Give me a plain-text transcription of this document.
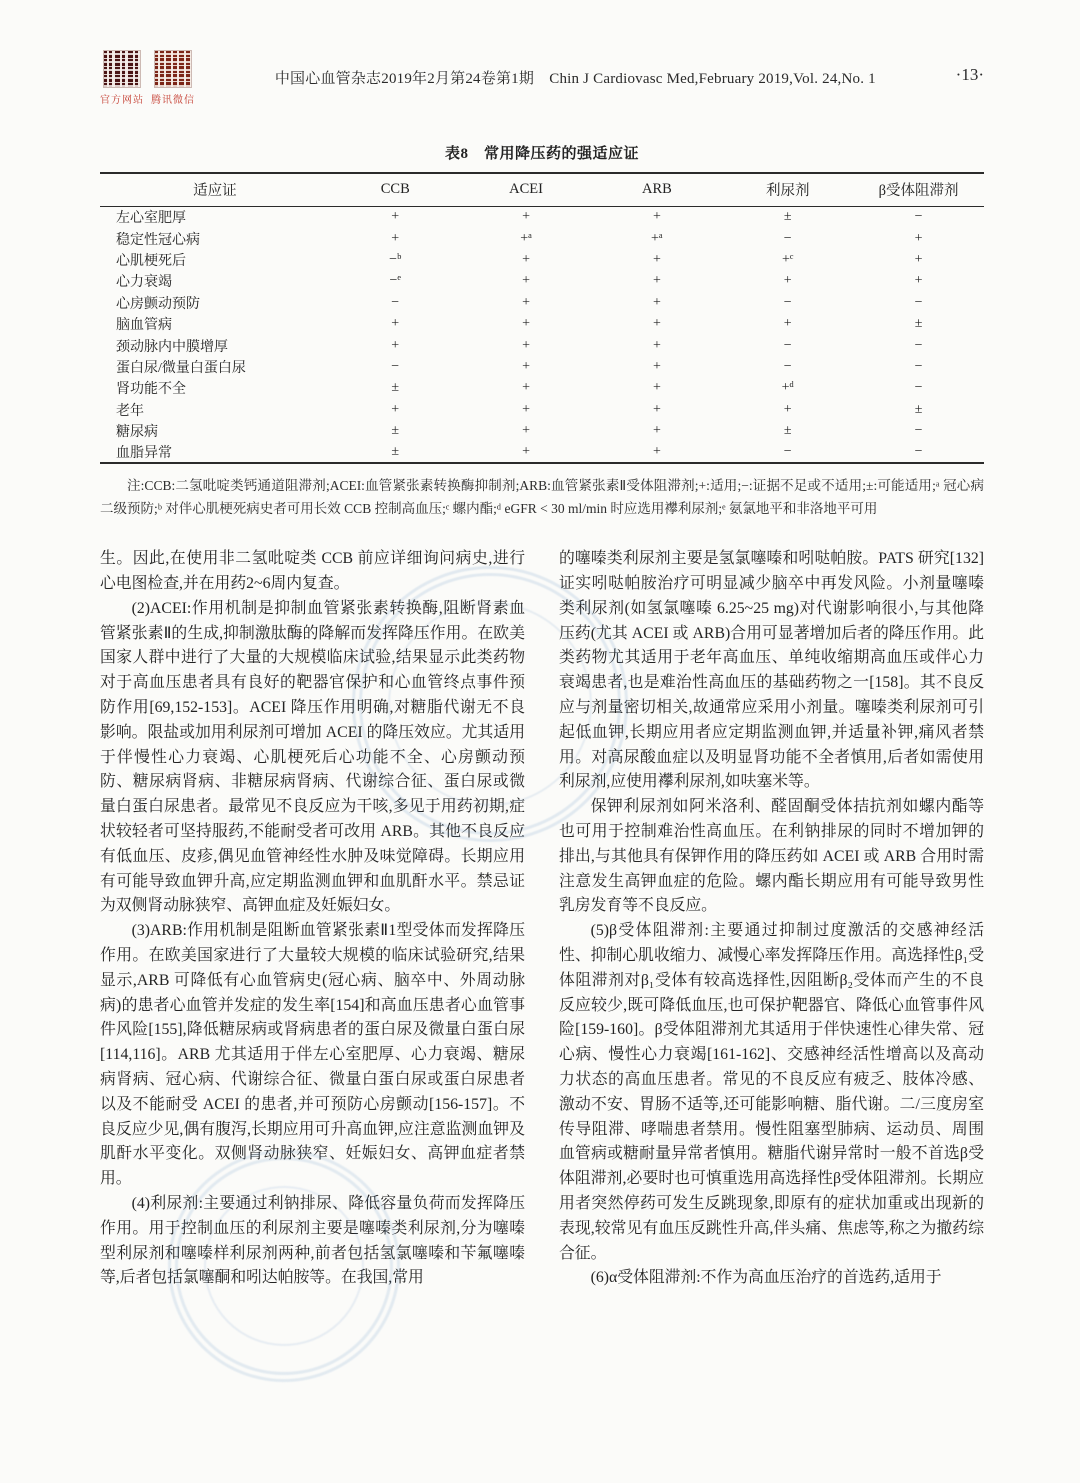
官方网站 腾讯微信
中国心血管杂志2019年2月第24卷第1期　Chin J Cardiovasc Med,February 2019,Vol. 24,No. 1	·13·
表8　常用降压药的强适应证
适应证	CCB	ACEI	ARB	利尿剂	β受体阻滞剂
左心室肥厚	+	+	+	±	−
稳定性冠心病	+	+ᵃ	+ᵃ	−	+
心肌梗死后	−ᵇ	+	+	+ᶜ	+
心力衰竭	−ᵉ	+	+	+	+
心房颤动预防	−	+	+	−	−
脑血管病	+	+	+	+	±
颈动脉内中膜增厚	+	+	+	−	−
蛋白尿/微量白蛋白尿	−	+	+	−	−
肾功能不全	±	+	+	+ᵈ	−
老年	+	+	+	+	±
糖尿病	±	+	+	±	−
血脂异常	±	+	+	−	−
注:CCB:二氢吡啶类钙通道阻滞剂;ACEI:血管紧张素转换酶抑制剂;ARB:血管紧张素Ⅱ受体阻滞剂;+:适用;−:证据不足或不适用;±:可能适用;ᵃ 冠心病二级预防;ᵇ 对伴心肌梗死病史者可用长效 CCB 控制高血压;ᶜ 螺内酯;ᵈ eGFR < 30 ml/min 时应选用襻利尿剂;ᵉ 氨氯地平和非洛地平可用

生。因此,在使用非二氢吡啶类 CCB 前应详细询问病史,进行心电图检查,并在用药2~6周内复查。

(2)ACEI:作用机制是抑制血管紧张素转换酶,阻断肾素血管紧张素Ⅱ的生成,抑制激肽酶的降解而发挥降压作用。在欧美国家人群中进行了大量的大规模临床试验,结果显示此类药物对于高血压患者具有良好的靶器官保护和心血管终点事件预防作用[69,152-153]。ACEI 降压作用明确,对糖脂代谢无不良影响。限盐或加用利尿剂可增加 ACEI 的降压效应。尤其适用于伴慢性心力衰竭、心肌梗死后心功能不全、心房颤动预防、糖尿病肾病、非糖尿病肾病、代谢综合征、蛋白尿或微量白蛋白尿患者。最常见不良反应为干咳,多见于用药初期,症状较轻者可坚持服药,不能耐受者可改用 ARB。其他不良反应有低血压、皮疹,偶见血管神经性水肿及味觉障碍。长期应用有可能导致血钾升高,应定期监测血钾和血肌酐水平。禁忌证为双侧肾动脉狭窄、高钾血症及妊娠妇女。

(3)ARB:作用机制是阻断血管紧张素Ⅱ1型受体而发挥降压作用。在欧美国家进行了大量较大规模的临床试验研究,结果显示,ARB 可降低有心血管病史(冠心病、脑卒中、外周动脉病)的患者心血管并发症的发生率[154]和高血压患者心血管事件风险[155],降低糖尿病或肾病患者的蛋白尿及微量白蛋白尿[114,116]。ARB 尤其适用于伴左心室肥厚、心力衰竭、糖尿病肾病、冠心病、代谢综合征、微量白蛋白尿或蛋白尿患者以及不能耐受 ACEI 的患者,并可预防心房颤动[156-157]。不良反应少见,偶有腹泻,长期应用可升高血钾,应注意监测血钾及肌酐水平变化。双侧肾动脉狭窄、妊娠妇女、高钾血症者禁用。

(4)利尿剂:主要通过利钠排尿、降低容量负荷而发挥降压作用。用于控制血压的利尿剂主要是噻嗪类利尿剂,分为噻嗪型利尿剂和噻嗪样利尿剂两种,前者包括氢氯噻嗪和苄氟噻嗪等,后者包括氯噻酮和吲达帕胺等。在我国,常用

的噻嗪类利尿剂主要是氢氯噻嗪和吲哒帕胺。PATS 研究[132]证实吲哒帕胺治疗可明显减少脑卒中再发风险。小剂量噻嗪类利尿剂(如氢氯噻嗪 6.25~25 mg)对代谢影响很小,与其他降压药(尤其 ACEI 或 ARB)合用可显著增加后者的降压作用。此类药物尤其适用于老年高血压、单纯收缩期高血压或伴心力衰竭患者,也是难治性高血压的基础药物之一[158]。其不良反应与剂量密切相关,故通常应采用小剂量。噻嗪类利尿剂可引起低血钾,长期应用者应定期监测血钾,并适量补钾,痛风者禁用。对高尿酸血症以及明显肾功能不全者慎用,后者如需使用利尿剂,应使用襻利尿剂,如呋塞米等。

保钾利尿剂如阿米洛利、醛固酮受体拮抗剂如螺内酯等也可用于控制难治性高血压。在利钠排尿的同时不增加钾的排出,与其他具有保钾作用的降压药如 ACEI 或 ARB 合用时需注意发生高钾血症的危险。螺内酯长期应用有可能导致男性乳房发育等不良反应。

(5)β受体阻滞剂:主要通过抑制过度激活的交感神经活性、抑制心肌收缩力、减慢心率发挥降压作用。高选择性β₁受体阻滞剂对β₁受体有较高选择性,因阻断β₂受体而产生的不良反应较少,既可降低血压,也可保护靶器官、降低心血管事件风险[159-160]。β受体阻滞剂尤其适用于伴快速性心律失常、冠心病、慢性心力衰竭[161-162]、交感神经活性增高以及高动力状态的高血压患者。常见的不良反应有疲乏、肢体冷感、激动不安、胃肠不适等,还可能影响糖、脂代谢。二/三度房室传导阻滞、哮喘患者禁用。慢性阻塞型肺病、运动员、周围血管病或糖耐量异常者慎用。糖脂代谢异常时一般不首选β受体阻滞剂,必要时也可慎重选用高选择性β受体阻滞剂。长期应用者突然停药可发生反跳现象,即原有的症状加重或出现新的表现,较常见有血压反跳性升高,伴头痛、焦虑等,称之为撤药综合征。

(6)α受体阻滞剂:不作为高血压治疗的首选药,适用于
